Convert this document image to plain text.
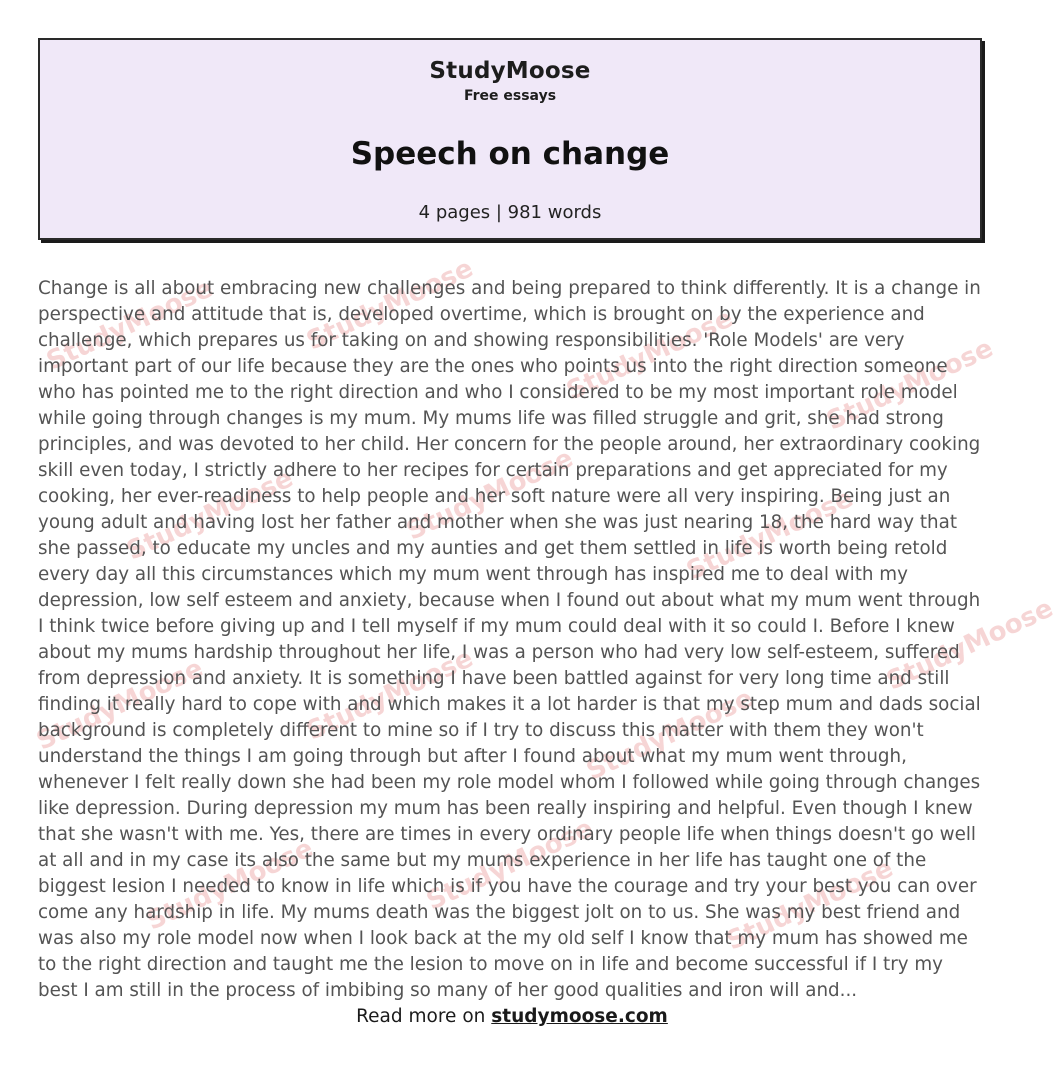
StudyMoose
Free essays
Speech on change
4 pages | 981 words
StudyMoose	StudyMoose	StudyMoose	StudyMoose
StudyMoose	StudyMoose	StudyMoose
StudyMoose
StudyMoose	StudyMoose	StudyMoose
StudyMoose	StudyMoose	StudyMoose

Change is all about embracing new challenges and being prepared to think differently. It is a change in perspective and attitude that is, developed overtime, which is brought on by the experience and challenge, which prepares us for taking on and showing responsibilities. 'Role Models' are very important part of our life because they are the ones who points us into the right direction someone who has pointed me to the right direction and who I considered to be my most important role model while going through changes is my mum. My mums life was filled struggle and grit, she had strong principles, and was devoted to her child. Her concern for the people around, her extraordinary cooking skill even today, I strictly adhere to her recipes for certain preparations and get appreciated for my cooking, her ever-readiness to help people and her soft nature were all very inspiring. Being just an young adult and having lost her father and mother when she was just nearing 18, the hard way that she passed, to educate my uncles and my aunties and get them settled in life is worth being retold every day all this circumstances which my mum went through has inspired me to deal with my depression, low self esteem and anxiety, because when I found out about what my mum went through I think twice before giving up and I tell myself if my mum could deal with it so could I. Before I knew about my mums hardship throughout her life, I was a person who had very low self-esteem, suffered from depression and anxiety. It is something I have been battled against for very long time and still finding it really hard to cope with and which makes it a lot harder is that my step mum and dads social background is completely different to mine so if I try to discuss this matter with them they won't understand the things I am going through but after I found about what my mum went through, whenever I felt really down she had been my role model whom I followed while going through changes like depression. During depression my mum has been really inspiring and helpful. Even though I knew that she wasn't with me. Yes, there are times in every ordinary people life when things doesn't go well at all and in my case its also the same but my mums experience in her life has taught one of the biggest lesion I needed to know in life which is if you have the courage and try your best you can over come any hardship in life. My mums death was the biggest jolt on to us. She was my best friend and was also my role model now when I look back at the my old self I know that my mum has showed me to the right direction and taught me the lesion to move on in life and become successful if I try my best I am still in the process of imbibing so many of her good qualities and iron will and...

Read more on studymoose.com
